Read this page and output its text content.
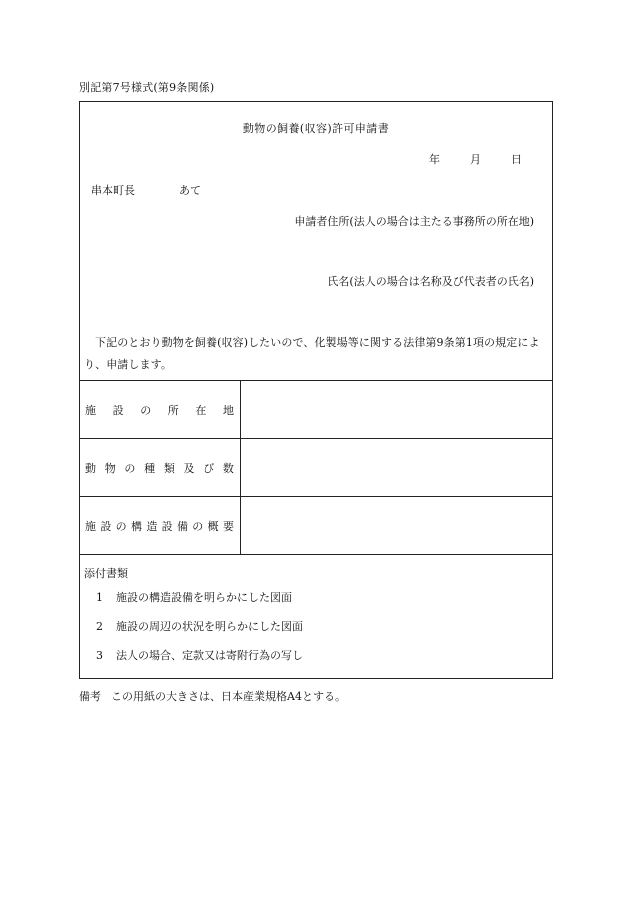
別記第7号様式(第9条関係)
動物の飼養(収容)許可申請書
年	月	日
串本町長	あて
申請者住所(法人の場合は主たる事務所の所在地)
氏名(法人の場合は名称及び代表者の氏名)
下記のとおり動物を飼養(収容)したいので、化製場等に関する法律第9条第1項の規定により、申請します。
施 設 の 所 在 地
動 物 の 種 類 及 び 数
施 設 の 構 造 設 備 の 概 要
添付書類
1 施設の構造設備を明らかにした図面
2 施設の周辺の状況を明らかにした図面
3 法人の場合、定款又は寄附行為の写し
備考 この用紙の大きさは、日本産業規格A4とする。
